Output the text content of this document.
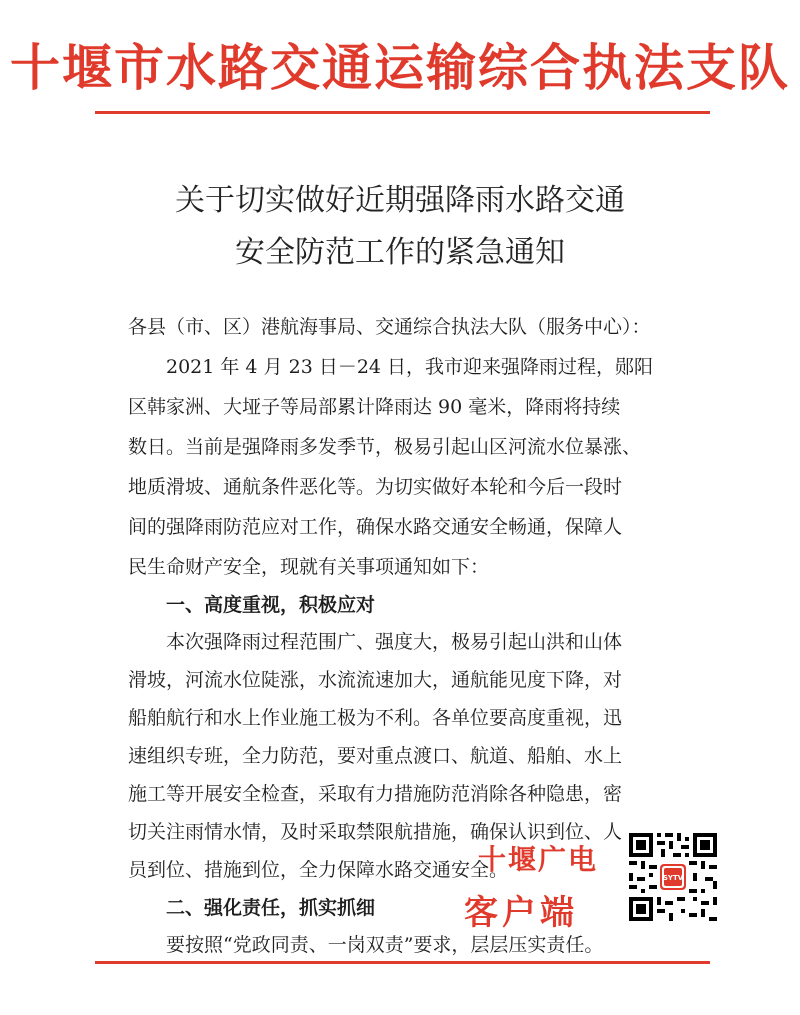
十堰市水路交通运输综合执法支队
关于切实做好近期强降雨水路交通
安全防范工作的紧急通知
各县（市、区）港航海事局、交通综合执法大队（服务中心）：
　　2021 年 4 月 23 日－24 日，我市迎来强降雨过程，郧阳
区韩家洲、大垭子等局部累计降雨达 90 毫米，降雨将持续
数日。当前是强降雨多发季节，极易引起山区河流水位暴涨、
地质滑坡、通航条件恶化等。为切实做好本轮和今后一段时
间的强降雨防范应对工作，确保水路交通安全畅通，保障人
民生命财产安全，现就有关事项通知如下：
　　一、高度重视，积极应对
　　本次强降雨过程范围广、强度大，极易引起山洪和山体
滑坡，河流水位陡涨，水流流速加大，通航能见度下降，对
船舶航行和水上作业施工极为不利。各单位要高度重视，迅
速组织专班，全力防范，要对重点渡口、航道、船舶、水上
施工等开展安全检查，采取有力措施防范消除各种隐患，密
切关注雨情水情，及时采取禁限航措施，确保认识到位、人
员到位、措施到位，全力保障水路交通安全。
　　二、强化责任，抓实抓细
　　要按照“党政同责、一岗双责”要求，层层压实责任。
十堰广电
客户端
SYTV
